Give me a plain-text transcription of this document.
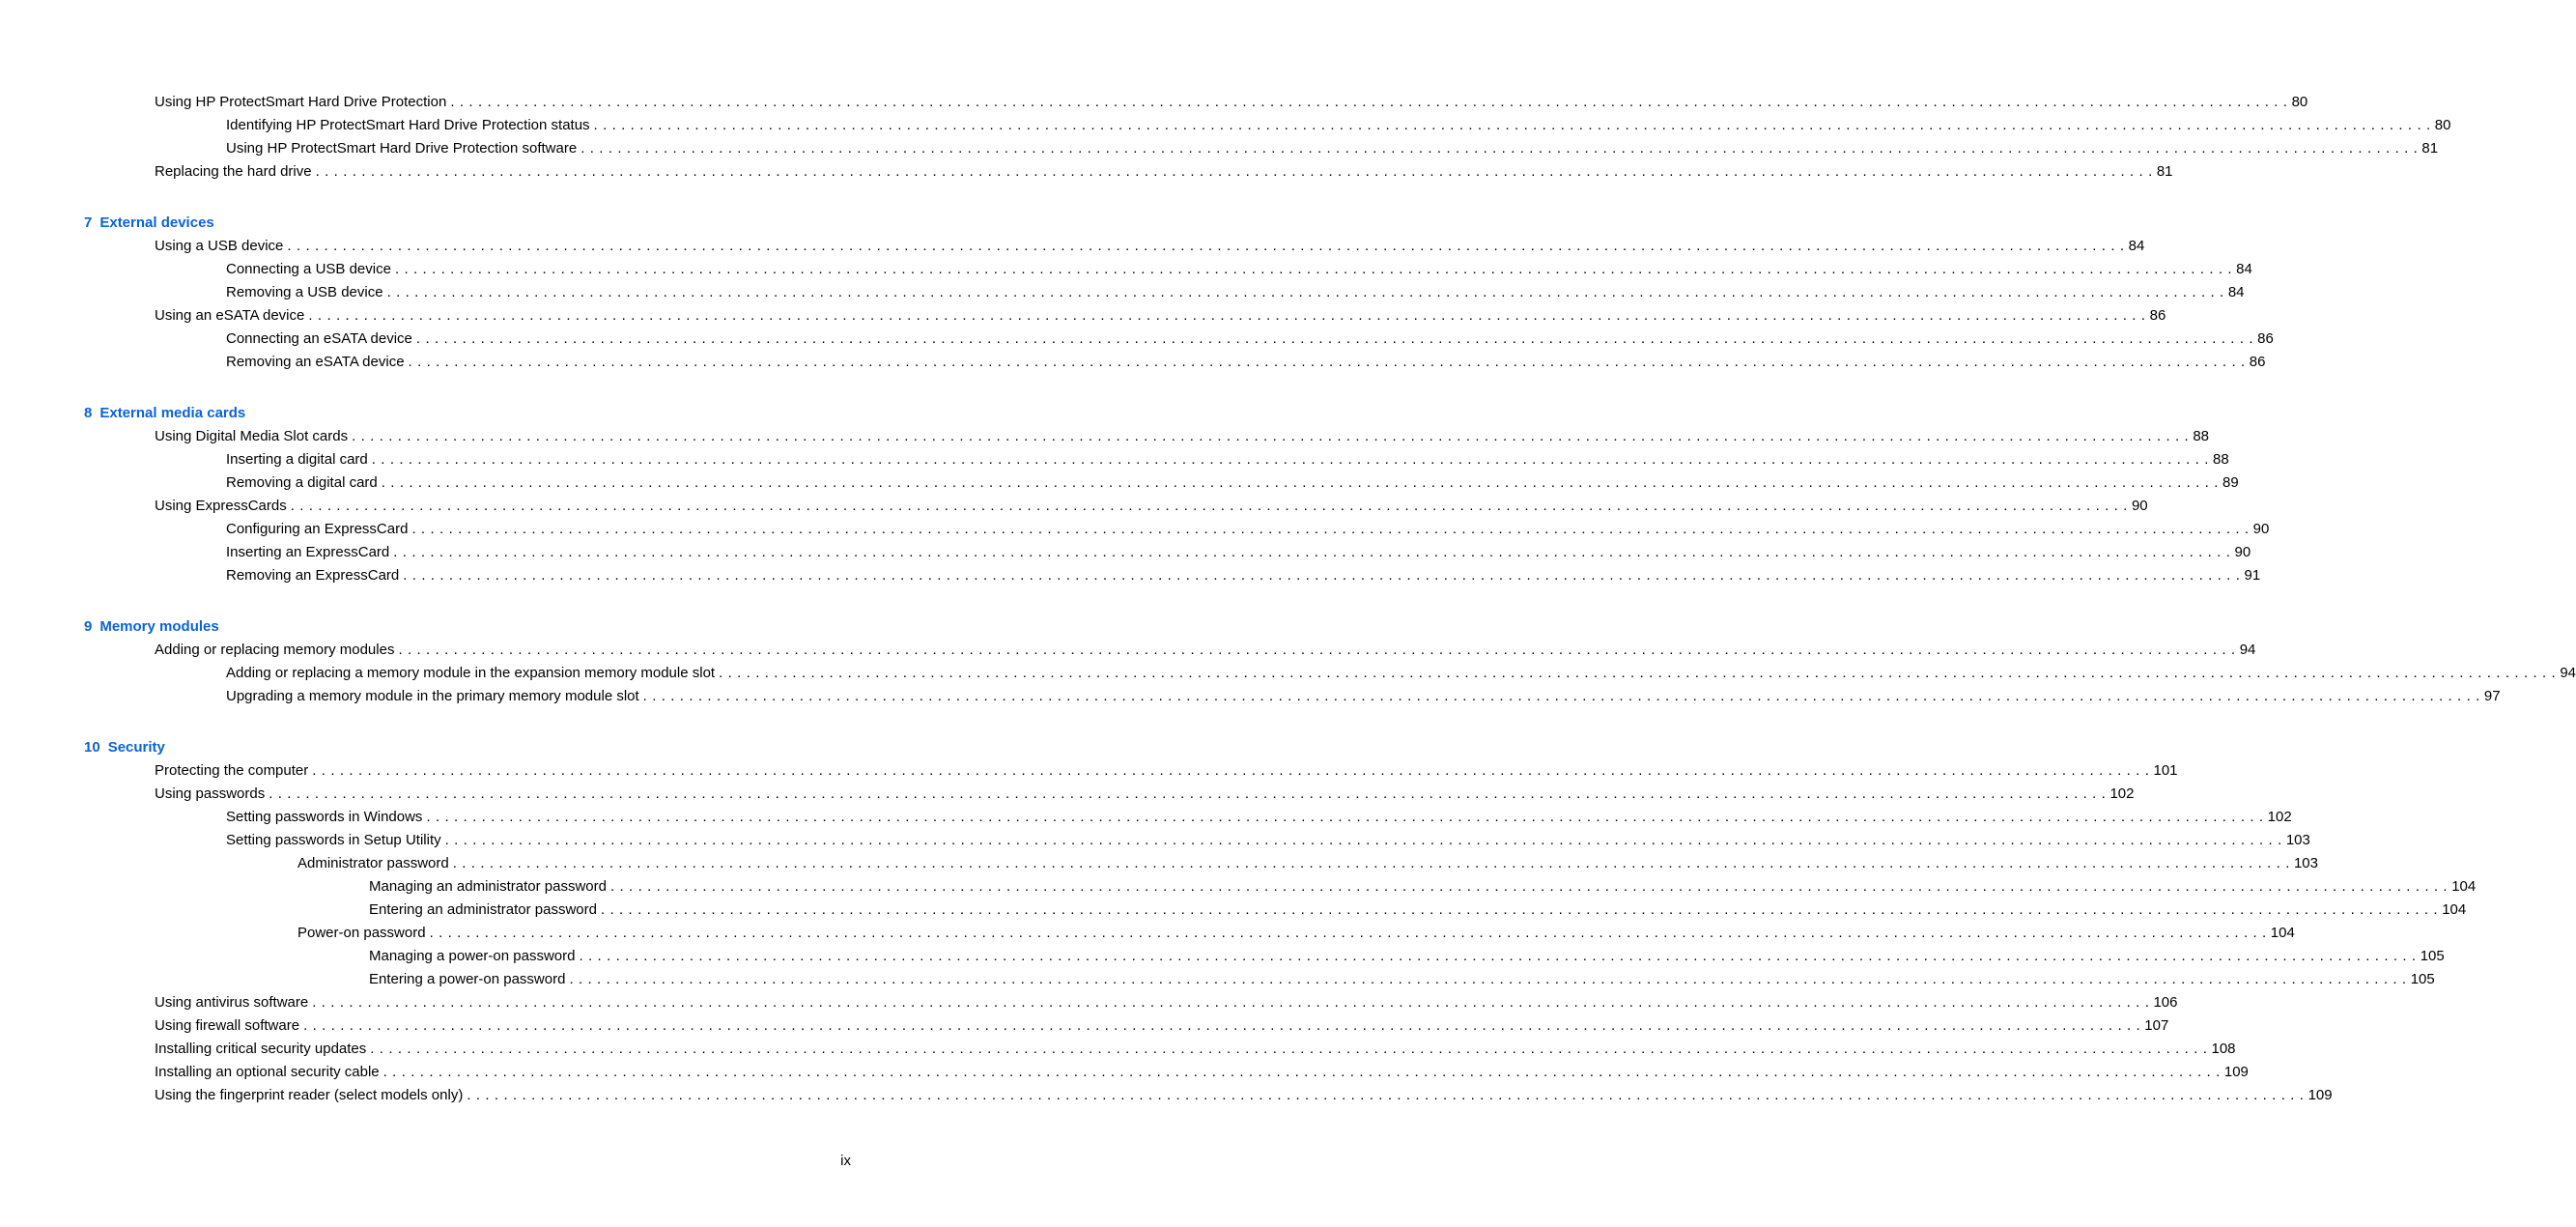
Using HP ProtectSmart Hard Drive Protection . . . . . . . . . . . . . . . . . . . . . . . . . . . . . . . . . . . . . . . . . . . . . . . . . . . . . . . . . . . . . . . . . . . . . . . . . . . . . . . . . . . . . . . . . . . . . . . . . . . . . . . . . . . . . . . . . . . . . . . . . . . . . . . . . . . . . . . . . . . . . . . . . . . . . . . . . . . . . . . . . . . . . . . . . . . . . . . . . . . . . . . . . . . . . . . . . . . . . . . . 80
Identifying HP ProtectSmart Hard Drive Protection status . . . . . . . . . . . . . . . . . . . . . . . . . . . . . . . . . . . . . . . . . . . . . . . . . . . . . . . . . . . . . . . . . . . . . . . . . . . . . . . . . . . . . . . . . . . . . . . . . . . . . . . . . . . . . . . . . . . . . . . . . . . . . . . . . . . . . . . . . . . . . . . . . . . . . . . . . . . . . . . . . . . . . . . . . . . . . . . . . . . . . . . . . . . . . . . . . . . . . . . . 80
Using HP ProtectSmart Hard Drive Protection software . . . . . . . . . . . . . . . . . . . . . . . . . . . . . . . . . . . . . . . . . . . . . . . . . . . . . . . . . . . . . . . . . . . . . . . . . . . . . . . . . . . . . . . . . . . . . . . . . . . . . . . . . . . . . . . . . . . . . . . . . . . . . . . . . . . . . . . . . . . . . . . . . . . . . . . . . . . . . . . . . . . . . . . . . . . . . . . . . . . . . . . . . . . . . . . . . . . . . . . . 81
Replacing the hard drive . . . . . . . . . . . . . . . . . . . . . . . . . . . . . . . . . . . . . . . . . . . . . . . . . . . . . . . . . . . . . . . . . . . . . . . . . . . . . . . . . . . . . . . . . . . . . . . . . . . . . . . . . . . . . . . . . . . . . . . . . . . . . . . . . . . . . . . . . . . . . . . . . . . . . . . . . . . . . . . . . . . . . . . . . . . . . . . . . . . . . . . . . . . . . . . . . . . . . . . . 81
7 External devices
Using a USB device . . . . . . . . . . . . . . . . . . . . . . . . . . . . . . . . . . . . . . . . . . . . . . . . . . . . . . . . . . . . . . . . . . . . . . . . . . . . . . . . . . . . . . . . . . . . . . . . . . . . . . . . . . . . . . . . . . . . . . . . . . . . . . . . . . . . . . . . . . . . . . . . . . . . . . . . . . . . . . . . . . . . . . . . . . . . . . . . . . . . . . . . . . . . . . . . . . . . . . . . 84
Connecting a USB device . . . . . . . . . . . . . . . . . . . . . . . . . . . . . . . . . . . . . . . . . . . . . . . . . . . . . . . . . . . . . . . . . . . . . . . . . . . . . . . . . . . . . . . . . . . . . . . . . . . . . . . . . . . . . . . . . . . . . . . . . . . . . . . . . . . . . . . . . . . . . . . . . . . . . . . . . . . . . . . . . . . . . . . . . . . . . . . . . . . . . . . . . . . . . . . . . . . . . . . . 84
Removing a USB device . . . . . . . . . . . . . . . . . . . . . . . . . . . . . . . . . . . . . . . . . . . . . . . . . . . . . . . . . . . . . . . . . . . . . . . . . . . . . . . . . . . . . . . . . . . . . . . . . . . . . . . . . . . . . . . . . . . . . . . . . . . . . . . . . . . . . . . . . . . . . . . . . . . . . . . . . . . . . . . . . . . . . . . . . . . . . . . . . . . . . . . . . . . . . . . . . . . . . . . . 84
Using an eSATA device . . . . . . . . . . . . . . . . . . . . . . . . . . . . . . . . . . . . . . . . . . . . . . . . . . . . . . . . . . . . . . . . . . . . . . . . . . . . . . . . . . . . . . . . . . . . . . . . . . . . . . . . . . . . . . . . . . . . . . . . . . . . . . . . . . . . . . . . . . . . . . . . . . . . . . . . . . . . . . . . . . . . . . . . . . . . . . . . . . . . . . . . . . . . . . . . . . . . . . . . 86
Connecting an eSATA device . . . . . . . . . . . . . . . . . . . . . . . . . . . . . . . . . . . . . . . . . . . . . . . . . . . . . . . . . . . . . . . . . . . . . . . . . . . . . . . . . . . . . . . . . . . . . . . . . . . . . . . . . . . . . . . . . . . . . . . . . . . . . . . . . . . . . . . . . . . . . . . . . . . . . . . . . . . . . . . . . . . . . . . . . . . . . . . . . . . . . . . . . . . . . . . . . . . . . . . . 86
Removing an eSATA device . . . . . . . . . . . . . . . . . . . . . . . . . . . . . . . . . . . . . . . . . . . . . . . . . . . . . . . . . . . . . . . . . . . . . . . . . . . . . . . . . . . . . . . . . . . . . . . . . . . . . . . . . . . . . . . . . . . . . . . . . . . . . . . . . . . . . . . . . . . . . . . . . . . . . . . . . . . . . . . . . . . . . . . . . . . . . . . . . . . . . . . . . . . . . . . . . . . . . . . . 86
8 External media cards
Using Digital Media Slot cards . . . . . . . . . . . . . . . . . . . . . . . . . . . . . . . . . . . . . . . . . . . . . . . . . . . . . . . . . . . . . . . . . . . . . . . . . . . . . . . . . . . . . . . . . . . . . . . . . . . . . . . . . . . . . . . . . . . . . . . . . . . . . . . . . . . . . . . . . . . . . . . . . . . . . . . . . . . . . . . . . . . . . . . . . . . . . . . . . . . . . . . . . . . . . . . . . . . . . . . . 88
Inserting a digital card . . . . . . . . . . . . . . . . . . . . . . . . . . . . . . . . . . . . . . . . . . . . . . . . . . . . . . . . . . . . . . . . . . . . . . . . . . . . . . . . . . . . . . . . . . . . . . . . . . . . . . . . . . . . . . . . . . . . . . . . . . . . . . . . . . . . . . . . . . . . . . . . . . . . . . . . . . . . . . . . . . . . . . . . . . . . . . . . . . . . . . . . . . . . . . . . . . . . . . . . 88
Removing a digital card . . . . . . . . . . . . . . . . . . . . . . . . . . . . . . . . . . . . . . . . . . . . . . . . . . . . . . . . . . . . . . . . . . . . . . . . . . . . . . . . . . . . . . . . . . . . . . . . . . . . . . . . . . . . . . . . . . . . . . . . . . . . . . . . . . . . . . . . . . . . . . . . . . . . . . . . . . . . . . . . . . . . . . . . . . . . . . . . . . . . . . . . . . . . . . . . . . . . . . . . 89
Using ExpressCards . . . . . . . . . . . . . . . . . . . . . . . . . . . . . . . . . . . . . . . . . . . . . . . . . . . . . . . . . . . . . . . . . . . . . . . . . . . . . . . . . . . . . . . . . . . . . . . . . . . . . . . . . . . . . . . . . . . . . . . . . . . . . . . . . . . . . . . . . . . . . . . . . . . . . . . . . . . . . . . . . . . . . . . . . . . . . . . . . . . . . . . . . . . . . . . . . . . . . . . . 90
Configuring an ExpressCard . . . . . . . . . . . . . . . . . . . . . . . . . . . . . . . . . . . . . . . . . . . . . . . . . . . . . . . . . . . . . . . . . . . . . . . . . . . . . . . . . . . . . . . . . . . . . . . . . . . . . . . . . . . . . . . . . . . . . . . . . . . . . . . . . . . . . . . . . . . . . . . . . . . . . . . . . . . . . . . . . . . . . . . . . . . . . . . . . . . . . . . . . . . . . . . . . . . . . . . . 90
Inserting an ExpressCard . . . . . . . . . . . . . . . . . . . . . . . . . . . . . . . . . . . . . . . . . . . . . . . . . . . . . . . . . . . . . . . . . . . . . . . . . . . . . . . . . . . . . . . . . . . . . . . . . . . . . . . . . . . . . . . . . . . . . . . . . . . . . . . . . . . . . . . . . . . . . . . . . . . . . . . . . . . . . . . . . . . . . . . . . . . . . . . . . . . . . . . . . . . . . . . . . . . . . . . . 90
Removing an ExpressCard . . . . . . . . . . . . . . . . . . . . . . . . . . . . . . . . . . . . . . . . . . . . . . . . . . . . . . . . . . . . . . . . . . . . . . . . . . . . . . . . . . . . . . . . . . . . . . . . . . . . . . . . . . . . . . . . . . . . . . . . . . . . . . . . . . . . . . . . . . . . . . . . . . . . . . . . . . . . . . . . . . . . . . . . . . . . . . . . . . . . . . . . . . . . . . . . . . . . . . . . 91
9 Memory modules
Adding or replacing memory modules . . . . . . . . . . . . . . . . . . . . . . . . . . . . . . . . . . . . . . . . . . . . . . . . . . . . . . . . . . . . . . . . . . . . . . . . . . . . . . . . . . . . . . . . . . . . . . . . . . . . . . . . . . . . . . . . . . . . . . . . . . . . . . . . . . . . . . . . . . . . . . . . . . . . . . . . . . . . . . . . . . . . . . . . . . . . . . . . . . . . . . . . . . . . . . . . . . . . . . . . 94
Adding or replacing a memory module in the expansion memory module slot . . . . . . . . . . . . . . . . . . . . . . . . . . . . . . . . . . . . . . . . . . . . . . . . . . . . . . . . . . . . . . . . . . . . . . . . . . . . . . . . . . . . . . . . . . . . . . . . . . . . . . . . . . . . . . . . . . . . . . . . . . . . . . . . . . . . . . . . . . . . . . . . . . . . . . . . . . . . . . . . . . . . . . . . . . . . . . . . . . . . . . . . . . . . . . . . . . . . . . . . 94
Upgrading a memory module in the primary memory module slot . . . . . . . . . . . . . . . . . . . . . . . . . . . . . . . . . . . . . . . . . . . . . . . . . . . . . . . . . . . . . . . . . . . . . . . . . . . . . . . . . . . . . . . . . . . . . . . . . . . . . . . . . . . . . . . . . . . . . . . . . . . . . . . . . . . . . . . . . . . . . . . . . . . . . . . . . . . . . . . . . . . . . . . . . . . . . . . . . . . . . . . . . . . . . . . . . . . . . . . . 97
10 Security
Protecting the computer . . . . . . . . . . . . . . . . . . . . . . . . . . . . . . . . . . . . . . . . . . . . . . . . . . . . . . . . . . . . . . . . . . . . . . . . . . . . . . . . . . . . . . . . . . . . . . . . . . . . . . . . . . . . . . . . . . . . . . . . . . . . . . . . . . . . . . . . . . . . . . . . . . . . . . . . . . . . . . . . . . . . . . . . . . . . . . . . . . . . . . . . . . . . . . . . . . . . . . . . 101
Using passwords . . . . . . . . . . . . . . . . . . . . . . . . . . . . . . . . . . . . . . . . . . . . . . . . . . . . . . . . . . . . . . . . . . . . . . . . . . . . . . . . . . . . . . . . . . . . . . . . . . . . . . . . . . . . . . . . . . . . . . . . . . . . . . . . . . . . . . . . . . . . . . . . . . . . . . . . . . . . . . . . . . . . . . . . . . . . . . . . . . . . . . . . . . . . . . . . . . . . . . . . 102
Setting passwords in Windows . . . . . . . . . . . . . . . . . . . . . . . . . . . . . . . . . . . . . . . . . . . . . . . . . . . . . . . . . . . . . . . . . . . . . . . . . . . . . . . . . . . . . . . . . . . . . . . . . . . . . . . . . . . . . . . . . . . . . . . . . . . . . . . . . . . . . . . . . . . . . . . . . . . . . . . . . . . . . . . . . . . . . . . . . . . . . . . . . . . . . . . . . . . . . . . . . . . . . . . . 102
Setting passwords in Setup Utility . . . . . . . . . . . . . . . . . . . . . . . . . . . . . . . . . . . . . . . . . . . . . . . . . . . . . . . . . . . . . . . . . . . . . . . . . . . . . . . . . . . . . . . . . . . . . . . . . . . . . . . . . . . . . . . . . . . . . . . . . . . . . . . . . . . . . . . . . . . . . . . . . . . . . . . . . . . . . . . . . . . . . . . . . . . . . . . . . . . . . . . . . . . . . . . . . . . . . . . . 103
Administrator password . . . . . . . . . . . . . . . . . . . . . . . . . . . . . . . . . . . . . . . . . . . . . . . . . . . . . . . . . . . . . . . . . . . . . . . . . . . . . . . . . . . . . . . . . . . . . . . . . . . . . . . . . . . . . . . . . . . . . . . . . . . . . . . . . . . . . . . . . . . . . . . . . . . . . . . . . . . . . . . . . . . . . . . . . . . . . . . . . . . . . . . . . . . . . . . . . . . . . . . . 103
Managing an administrator password . . . . . . . . . . . . . . . . . . . . . . . . . . . . . . . . . . . . . . . . . . . . . . . . . . . . . . . . . . . . . . . . . . . . . . . . . . . . . . . . . . . . . . . . . . . . . . . . . . . . . . . . . . . . . . . . . . . . . . . . . . . . . . . . . . . . . . . . . . . . . . . . . . . . . . . . . . . . . . . . . . . . . . . . . . . . . . . . . . . . . . . . . . . . . . . . . . . . . . . . 104
Entering an administrator password . . . . . . . . . . . . . . . . . . . . . . . . . . . . . . . . . . . . . . . . . . . . . . . . . . . . . . . . . . . . . . . . . . . . . . . . . . . . . . . . . . . . . . . . . . . . . . . . . . . . . . . . . . . . . . . . . . . . . . . . . . . . . . . . . . . . . . . . . . . . . . . . . . . . . . . . . . . . . . . . . . . . . . . . . . . . . . . . . . . . . . . . . . . . . . . . . . . . . . . . 104
Power-on password . . . . . . . . . . . . . . . . . . . . . . . . . . . . . . . . . . . . . . . . . . . . . . . . . . . . . . . . . . . . . . . . . . . . . . . . . . . . . . . . . . . . . . . . . . . . . . . . . . . . . . . . . . . . . . . . . . . . . . . . . . . . . . . . . . . . . . . . . . . . . . . . . . . . . . . . . . . . . . . . . . . . . . . . . . . . . . . . . . . . . . . . . . . . . . . . . . . . . . . . 104
Managing a power-on password . . . . . . . . . . . . . . . . . . . . . . . . . . . . . . . . . . . . . . . . . . . . . . . . . . . . . . . . . . . . . . . . . . . . . . . . . . . . . . . . . . . . . . . . . . . . . . . . . . . . . . . . . . . . . . . . . . . . . . . . . . . . . . . . . . . . . . . . . . . . . . . . . . . . . . . . . . . . . . . . . . . . . . . . . . . . . . . . . . . . . . . . . . . . . . . . . . . . . . . . 105
Entering a power-on password . . . . . . . . . . . . . . . . . . . . . . . . . . . . . . . . . . . . . . . . . . . . . . . . . . . . . . . . . . . . . . . . . . . . . . . . . . . . . . . . . . . . . . . . . . . . . . . . . . . . . . . . . . . . . . . . . . . . . . . . . . . . . . . . . . . . . . . . . . . . . . . . . . . . . . . . . . . . . . . . . . . . . . . . . . . . . . . . . . . . . . . . . . . . . . . . . . . . . . . . 105
Using antivirus software . . . . . . . . . . . . . . . . . . . . . . . . . . . . . . . . . . . . . . . . . . . . . . . . . . . . . . . . . . . . . . . . . . . . . . . . . . . . . . . . . . . . . . . . . . . . . . . . . . . . . . . . . . . . . . . . . . . . . . . . . . . . . . . . . . . . . . . . . . . . . . . . . . . . . . . . . . . . . . . . . . . . . . . . . . . . . . . . . . . . . . . . . . . . . . . . . . . . . . . . 106
Using firewall software . . . . . . . . . . . . . . . . . . . . . . . . . . . . . . . . . . . . . . . . . . . . . . . . . . . . . . . . . . . . . . . . . . . . . . . . . . . . . . . . . . . . . . . . . . . . . . . . . . . . . . . . . . . . . . . . . . . . . . . . . . . . . . . . . . . . . . . . . . . . . . . . . . . . . . . . . . . . . . . . . . . . . . . . . . . . . . . . . . . . . . . . . . . . . . . . . . . . . . . . 107
Installing critical security updates . . . . . . . . . . . . . . . . . . . . . . . . . . . . . . . . . . . . . . . . . . . . . . . . . . . . . . . . . . . . . . . . . . . . . . . . . . . . . . . . . . . . . . . . . . . . . . . . . . . . . . . . . . . . . . . . . . . . . . . . . . . . . . . . . . . . . . . . . . . . . . . . . . . . . . . . . . . . . . . . . . . . . . . . . . . . . . . . . . . . . . . . . . . . . . . . . . . . . . . . 108
Installing an optional security cable . . . . . . . . . . . . . . . . . . . . . . . . . . . . . . . . . . . . . . . . . . . . . . . . . . . . . . . . . . . . . . . . . . . . . . . . . . . . . . . . . . . . . . . . . . . . . . . . . . . . . . . . . . . . . . . . . . . . . . . . . . . . . . . . . . . . . . . . . . . . . . . . . . . . . . . . . . . . . . . . . . . . . . . . . . . . . . . . . . . . . . . . . . . . . . . . . . . . . . . . 109
Using the fingerprint reader (select models only) . . . . . . . . . . . . . . . . . . . . . . . . . . . . . . . . . . . . . . . . . . . . . . . . . . . . . . . . . . . . . . . . . . . . . . . . . . . . . . . . . . . . . . . . . . . . . . . . . . . . . . . . . . . . . . . . . . . . . . . . . . . . . . . . . . . . . . . . . . . . . . . . . . . . . . . . . . . . . . . . . . . . . . . . . . . . . . . . . . . . . . . . . . . . . . . . . . . . . . . . 109
ix
